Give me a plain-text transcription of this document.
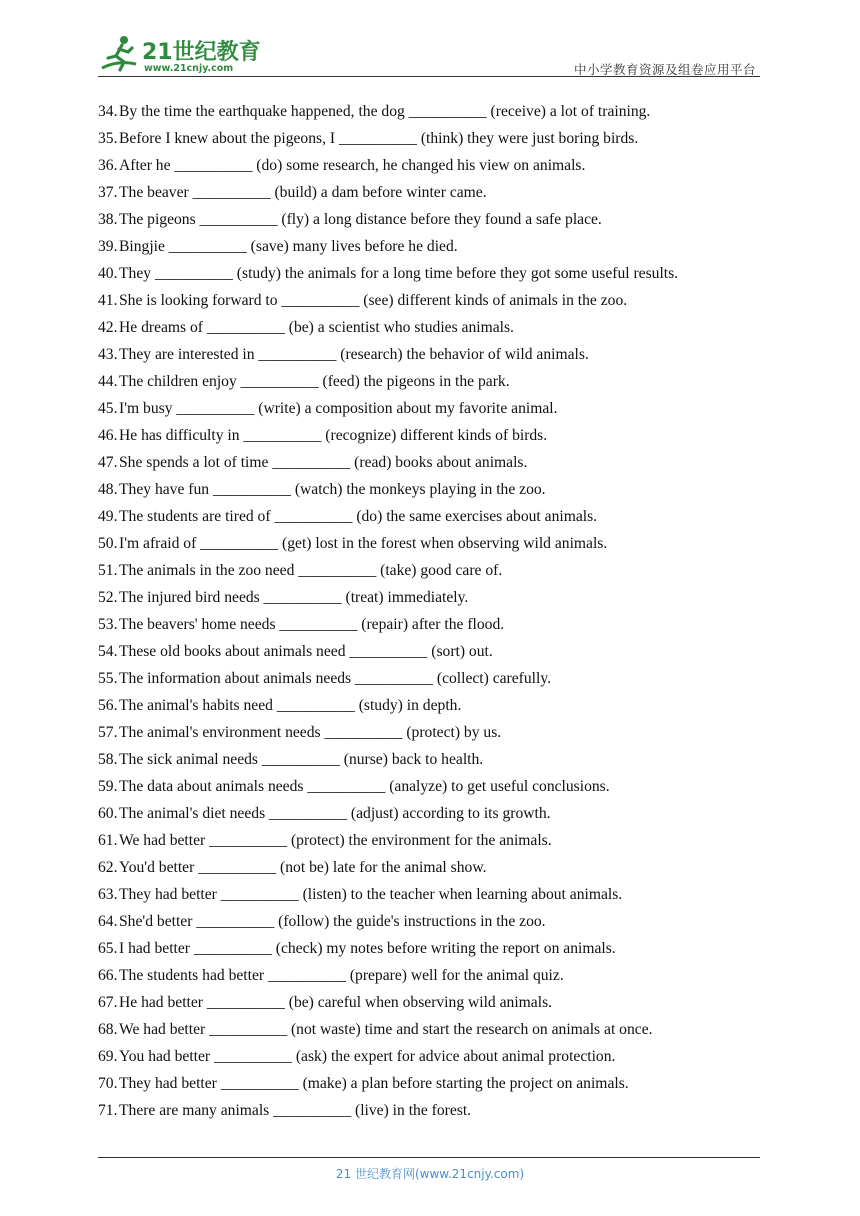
21世纪教育
www.21cnjy.com	中小学教育资源及组卷应用平台
34.By the time the earthquake happened, the dog __________ (receive) a lot of training.
35.Before I knew about the pigeons, I __________ (think) they were just boring birds.
36.After he __________ (do) some research, he changed his view on animals.
37.The beaver __________ (build) a dam before winter came.
38.The pigeons __________ (fly) a long distance before they found a safe place.
39.Bingjie __________ (save) many lives before he died.
40.They __________ (study) the animals for a long time before they got some useful results.
41.She is looking forward to __________ (see) different kinds of animals in the zoo.
42.He dreams of __________ (be) a scientist who studies animals.
43.They are interested in __________ (research) the behavior of wild animals.
44.The children enjoy __________ (feed) the pigeons in the park.
45.I'm busy __________ (write) a composition about my favorite animal.
46.He has difficulty in __________ (recognize) different kinds of birds.
47.She spends a lot of time __________ (read) books about animals.
48.They have fun __________ (watch) the monkeys playing in the zoo.
49.The students are tired of __________ (do) the same exercises about animals.
50.I'm afraid of __________ (get) lost in the forest when observing wild animals.
51.The animals in the zoo need __________ (take) good care of.
52.The injured bird needs __________ (treat) immediately.
53.The beavers' home needs __________ (repair) after the flood.
54.These old books about animals need __________ (sort) out.
55.The information about animals needs __________ (collect) carefully.
56.The animal's habits need __________ (study) in depth.
57.The animal's environment needs __________ (protect) by us.
58.The sick animal needs __________ (nurse) back to health.
59.The data about animals needs __________ (analyze) to get useful conclusions.
60.The animal's diet needs __________ (adjust) according to its growth.
61.We had better __________ (protect) the environment for the animals.
62.You'd better __________ (not be) late for the animal show.
63.They had better __________ (listen) to the teacher when learning about animals.
64.She'd better __________ (follow) the guide's instructions in the zoo.
65.I had better __________ (check) my notes before writing the report on animals.
66.The students had better __________ (prepare) well for the animal quiz.
67.He had better __________ (be) careful when observing wild animals.
68.We had better __________ (not waste) time and start the research on animals at once.
69.You had better __________ (ask) the expert for advice about animal protection.
70.They had better __________ (make) a plan before starting the project on animals.
71.There are many animals __________ (live) in the forest.
21 世纪教育网(www.21cnjy.com)
